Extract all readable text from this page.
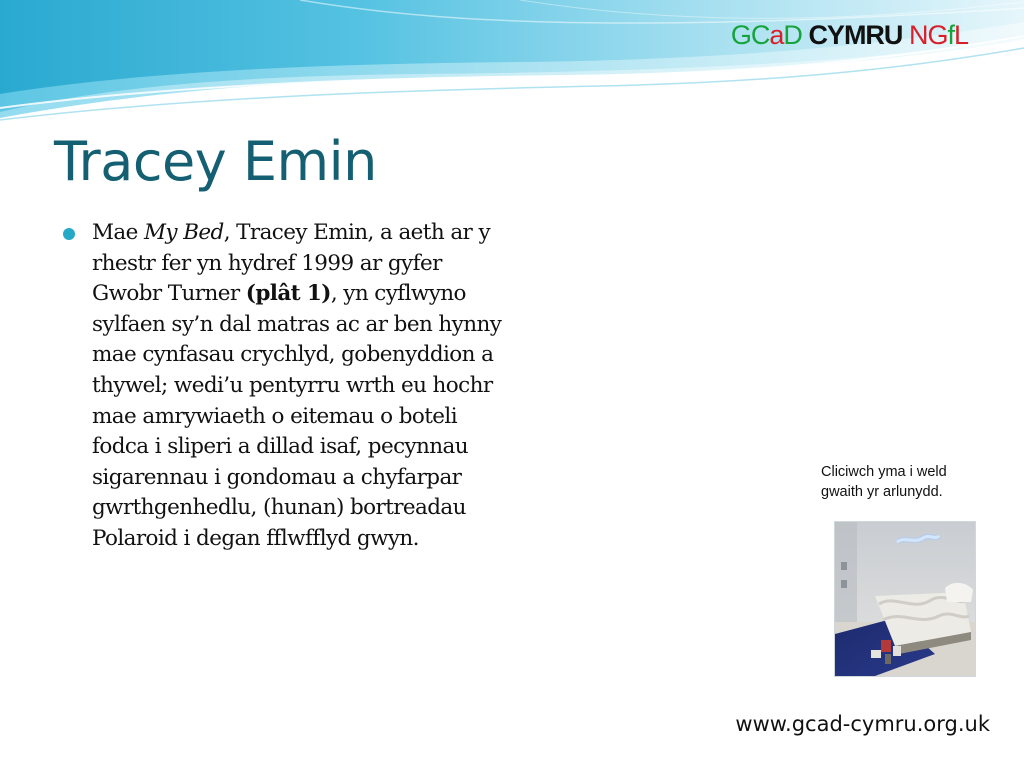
GCaD CYMRU NGfL
Tracey Emin
Mae My Bed, Tracey Emin, a aeth ar y rhestr fer yn hydref 1999 ar gyfer Gwobr Turner (plât 1), yn cyflwyno sylfaen sy’n dal matras ac ar ben hynny mae cynfasau crychlyd, gobenyddion a thywel; wedi’u pentyrru wrth eu hochr mae amrywiaeth o eitemau o boteli fodca i sliperi a dillad isaf, pecynnau sigarennau i gondomau a chyfarpar gwrthgenhedlu, (hunan) bortreadau Polaroid i degan fflwfflyd gwyn.
Cliciwch yma i weld gwaith yr arlunydd.
www.gcad-cymru.org.uk
